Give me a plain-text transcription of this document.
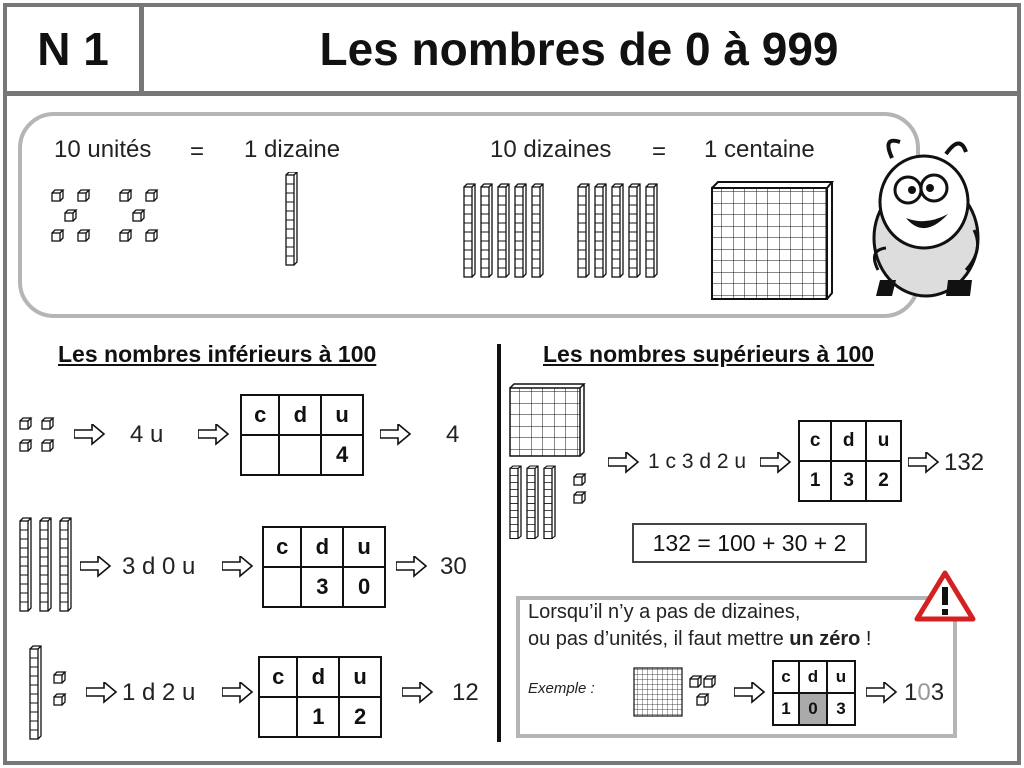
N 1	Les nombres de 0 à 999
10 unités = 1 dizaine	10 dizaines = 1 centaine
Les nombres inférieurs à 100	Les nombres supérieurs à 100
4 u
c	d	u
		4
4
3 d 0 u
c	d	u
	3	0
30
1 d 2 u
c	d	u
	1	2
12
1 c 3 d 2 u
c	d	u
1	3	2
132
132 = 100 + 30 + 2
Lorsqu’il n’y a pas de dizaines,
ou pas d’unités, il faut mettre un zéro !
Exemple :
c	d	u
1	0	3
103
